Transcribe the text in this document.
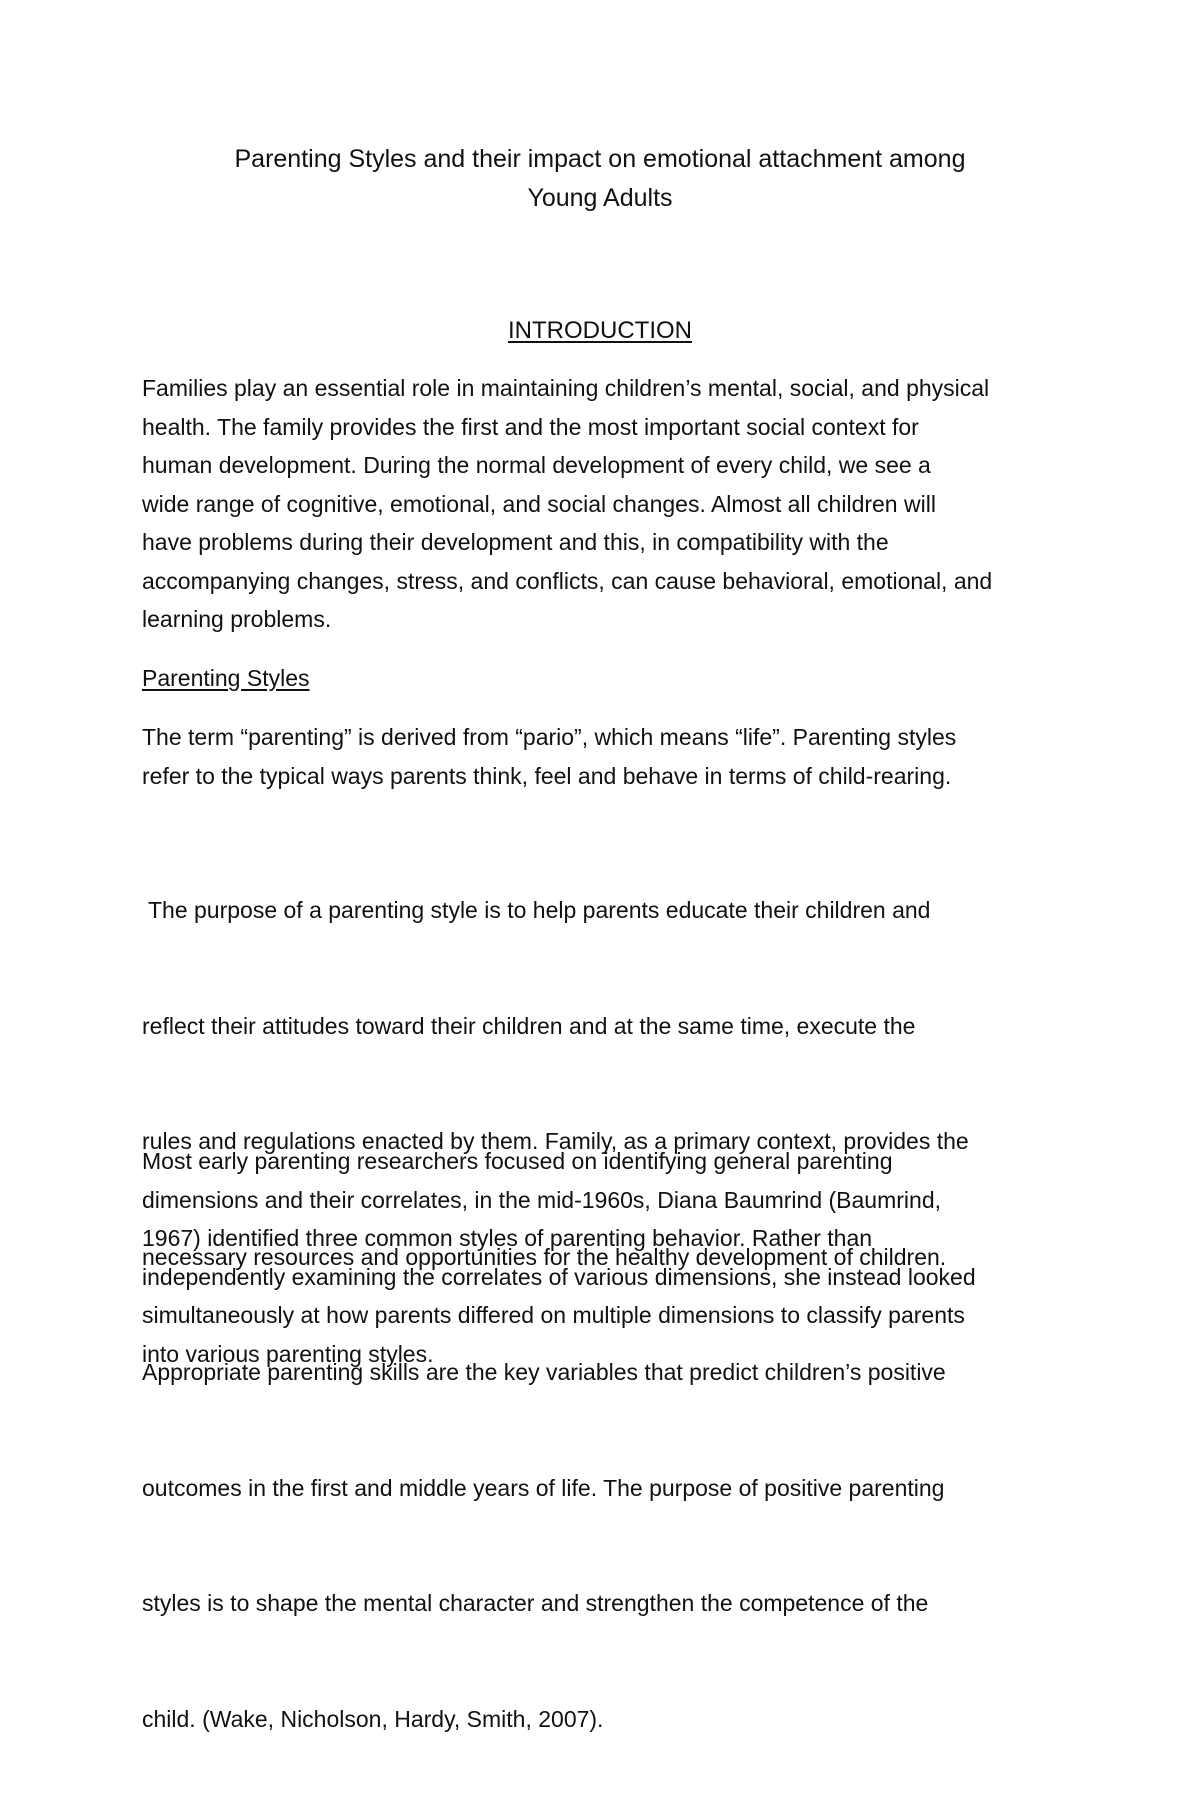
Parenting Styles and their impact on emotional attachment among
Young Adults
INTRODUCTION
Families play an essential role in maintaining children’s mental, social, and physical
health. The family provides the first and the most important social context for
human development. During the normal development of every child, we see a
wide range of cognitive, emotional, and social changes. Almost all children will
have problems during their development and this, in compatibility with the
accompanying changes, stress, and conflicts, can cause behavioral, emotional, and
learning problems.
Parenting Styles
The term “parenting” is derived from “pario”, which means “life”. Parenting styles
refer to the typical ways parents think, feel and behave in terms of child-rearing.

The purpose of a parenting style is to help parents educate their children and

reflect their attitudes toward their children and at the same time, execute the

rules and regulations enacted by them. Family, as a primary context, provides the

necessary resources and opportunities for the healthy development of children.

Appropriate parenting skills are the key variables that predict children’s positive

outcomes in the first and middle years of life. The purpose of positive parenting

styles is to shape the mental character and strengthen the competence of the

child. (Wake, Nicholson, Hardy, Smith, 2007).

Most early parenting researchers focused on identifying general parenting
dimensions and their correlates, in the mid-1960s, Diana Baumrind (Baumrind,
1967) identified three common styles of parenting behavior. Rather than
independently examining the correlates of various dimensions, she instead looked
simultaneously at how parents differed on multiple dimensions to classify parents
into various parenting styles.
